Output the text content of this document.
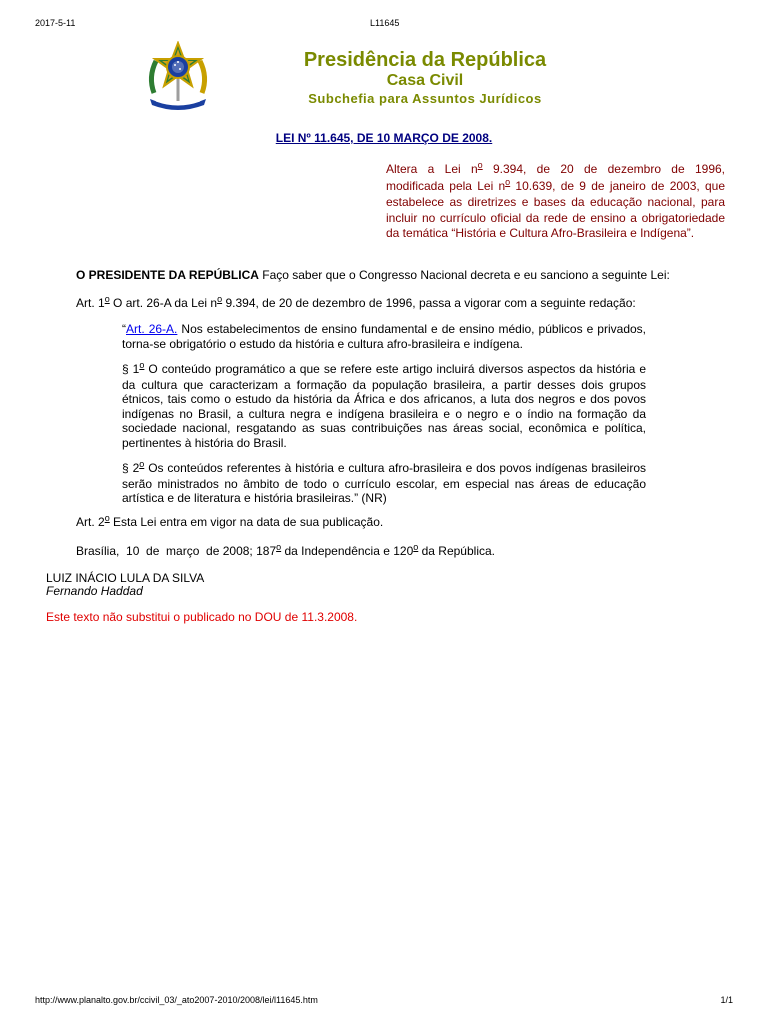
2017-5-11	L11645
Presidência da República
Casa Civil
Subchefia para Assuntos Jurídicos
LEI Nº 11.645, DE 10 MARÇO DE 2008.
Altera a Lei $n^o$ 9.394, de 20 de dezembro de 1996,
modificada pela Lei $n^o$ 10.639, de 9 de janeiro de 2003, que
estabelece as diretrizes e bases da educação nacional, para incluir no currículo oficial da rede de ensino a obrigatoriedade da temática “História e Cultura Afro-Brasileira e Indígena”.
O PRESIDENTE DA REPÚBLICA Faço saber que o Congresso Nacional decreta e eu sanciono a seguinte Lei:
Art. 1$^o$ O art. 26-A da Lei $n^o$ 9.394, de 20 de dezembro de 1996, passa a vigorar com a seguinte redação:
“Art. 26-A. Nos estabelecimentos de ensino fundamental e de ensino médio, públicos e privados, torna-se obrigatório o estudo da história e cultura afro-brasileira e indígena.
§ 1$^o$ O conteúdo programático a que se refere este artigo incluirá diversos aspectos da história e da cultura que caracterizam a formação da população brasileira, a partir desses dois grupos étnicos, tais como o estudo da história da África e dos africanos, a luta dos negros e dos povos indígenas no Brasil, a cultura negra e indígena brasileira e o negro e o índio na formação da sociedade nacional, resgatando as suas contribuições nas áreas social, econômica e política, pertinentes à história do Brasil.
§ 2$^o$ Os conteúdos referentes à história e cultura afro-brasileira e dos povos indígenas brasileiros serão ministrados no âmbito de todo o currículo escolar, em especial nas áreas de educação artística e de literatura e história brasileiras.” (NR)
Art. 2$^o$ Esta Lei entra em vigor na data de sua publicação.
Brasília,  10  de  março  de 2008; 187$^o$ da Independência e 120$^o$ da República.
LUIZ INÁCIO LULA DA SILVA
Fernando Haddad
Este texto não substitui o publicado no DOU de 11.3.2008.
http://www.planalto.gov.br/ccivil_03/_ato2007-2010/2008/lei/l11645.htm	1/1
